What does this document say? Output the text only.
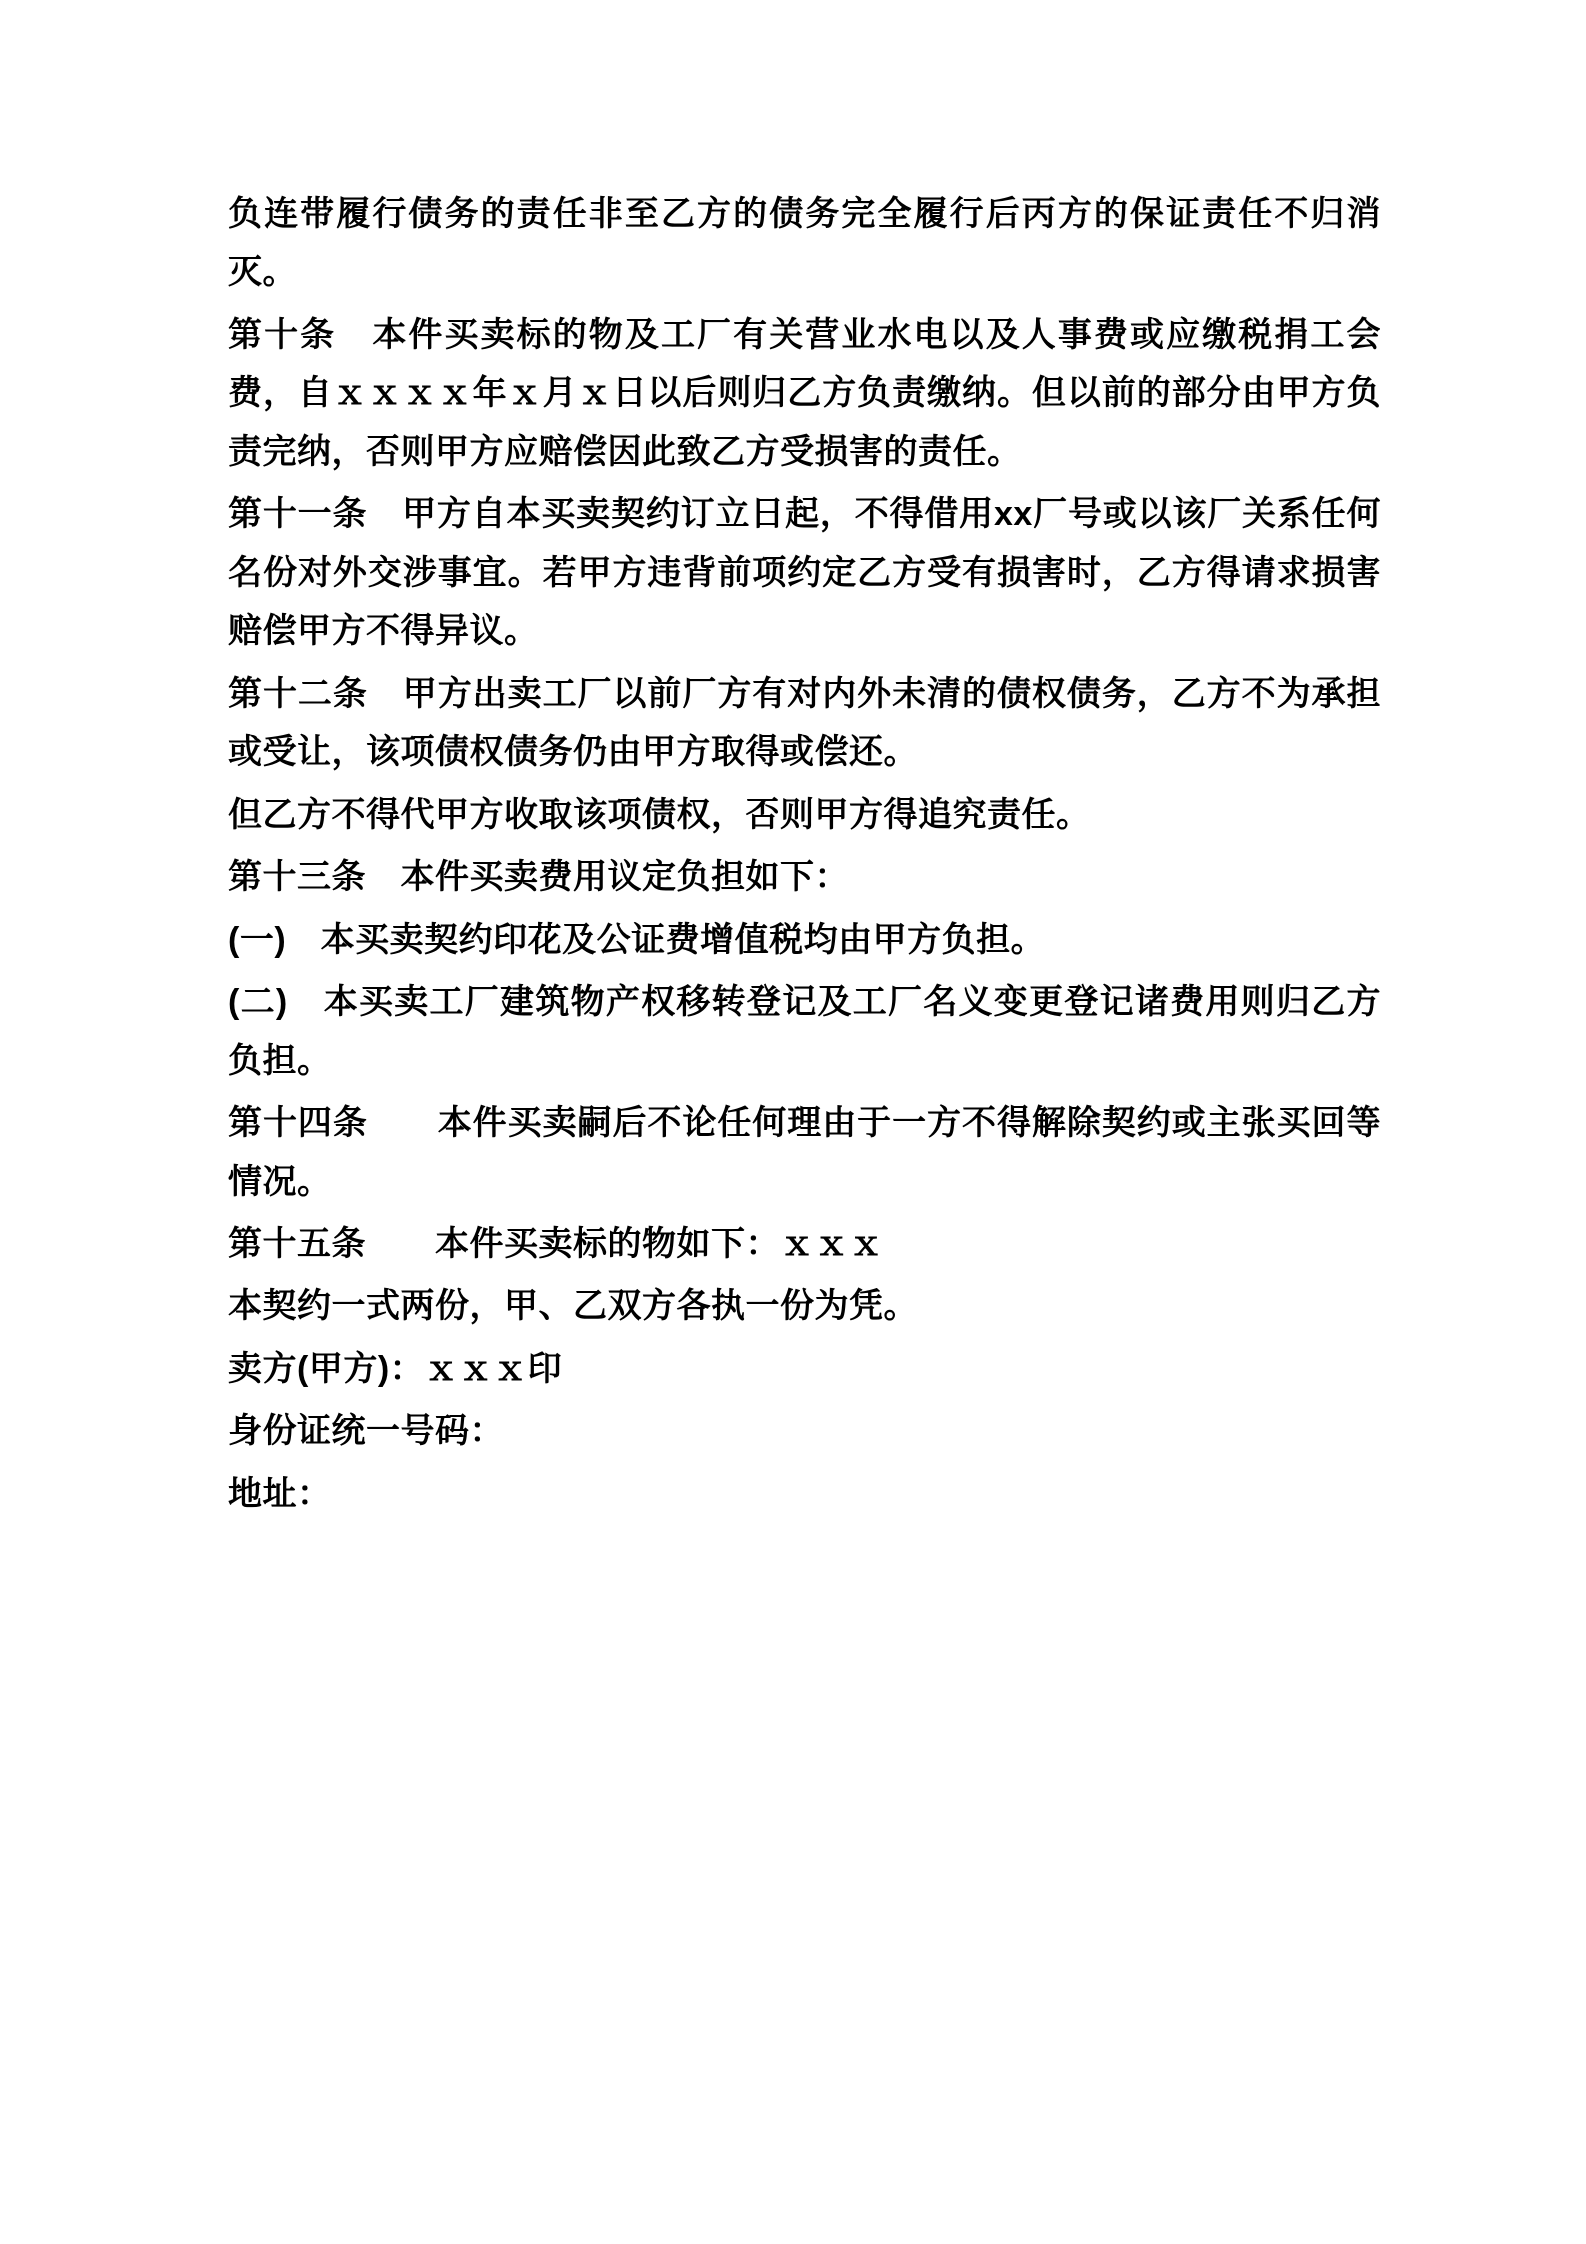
负连带履行债务的责任非至乙方的债务完全履行后丙方的保证责任不归消灭。

第十条　本件买卖标的物及工厂有关营业水电以及人事费或应缴税捐工会费，自ｘｘｘｘ年ｘ月ｘ日以后则归乙方负责缴纳。但以前的部分由甲方负责完纳，否则甲方应赔偿因此致乙方受损害的责任。

第十一条　甲方自本买卖契约订立日起，不得借用xx厂号或以该厂关系任何名份对外交涉事宜。若甲方违背前项约定乙方受有损害时，乙方得请求损害赔偿甲方不得异议。

第十二条　甲方出卖工厂以前厂方有对内外未清的债权债务，乙方不为承担或受让，该项债权债务仍由甲方取得或偿还。

但乙方不得代甲方收取该项债权，否则甲方得追究责任。

第十三条　本件买卖费用议定负担如下：

(一)　本买卖契约印花及公证费增值税均由甲方负担。

(二)　本买卖工厂建筑物产权移转登记及工厂名义变更登记诸费用则归乙方负担。

第十四条　　本件买卖嗣后不论任何理由于一方不得解除契约或主张买回等情况。

第十五条　　本件买卖标的物如下：ｘｘｘ

本契约一式两份，甲、乙双方各执一份为凭。

卖方(甲方)：ｘｘｘ印

身份证统一号码：

地址：
